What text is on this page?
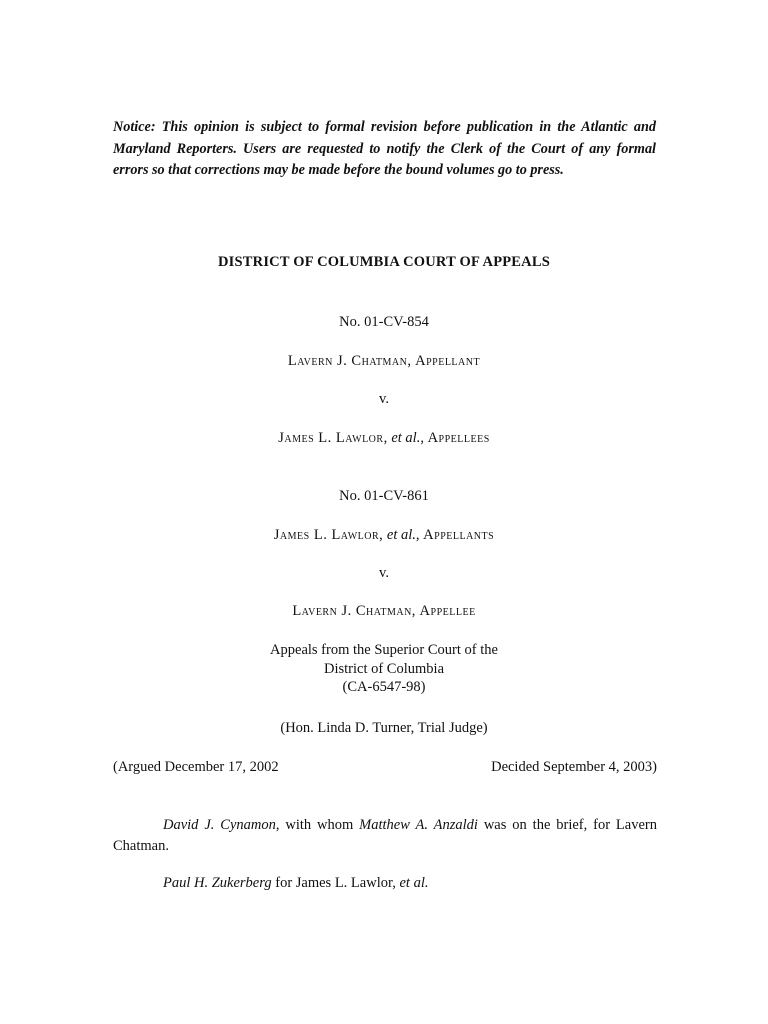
Notice: This opinion is subject to formal revision before publication in the Atlantic and Maryland Reporters. Users are requested to notify the Clerk of the Court of any formal errors so that corrections may be made before the bound volumes go to press.
DISTRICT OF COLUMBIA COURT OF APPEALS
No. 01-CV-854
Lavern J. Chatman, Appellant
v.
James L. Lawlor, et al., Appellees
No. 01-CV-861
James L. Lawlor, et al., Appellants
v.
Lavern J. Chatman, Appellee
Appeals from the Superior Court of the
District of Columbia
(CA-6547-98)
(Hon. Linda D. Turner, Trial Judge)
(Argued December 17, 2002	Decided September 4, 2003)
David J. Cynamon, with whom Matthew A. Anzaldi was on the brief, for Lavern Chatman.
Paul H. Zukerberg for James L. Lawlor, et al.
